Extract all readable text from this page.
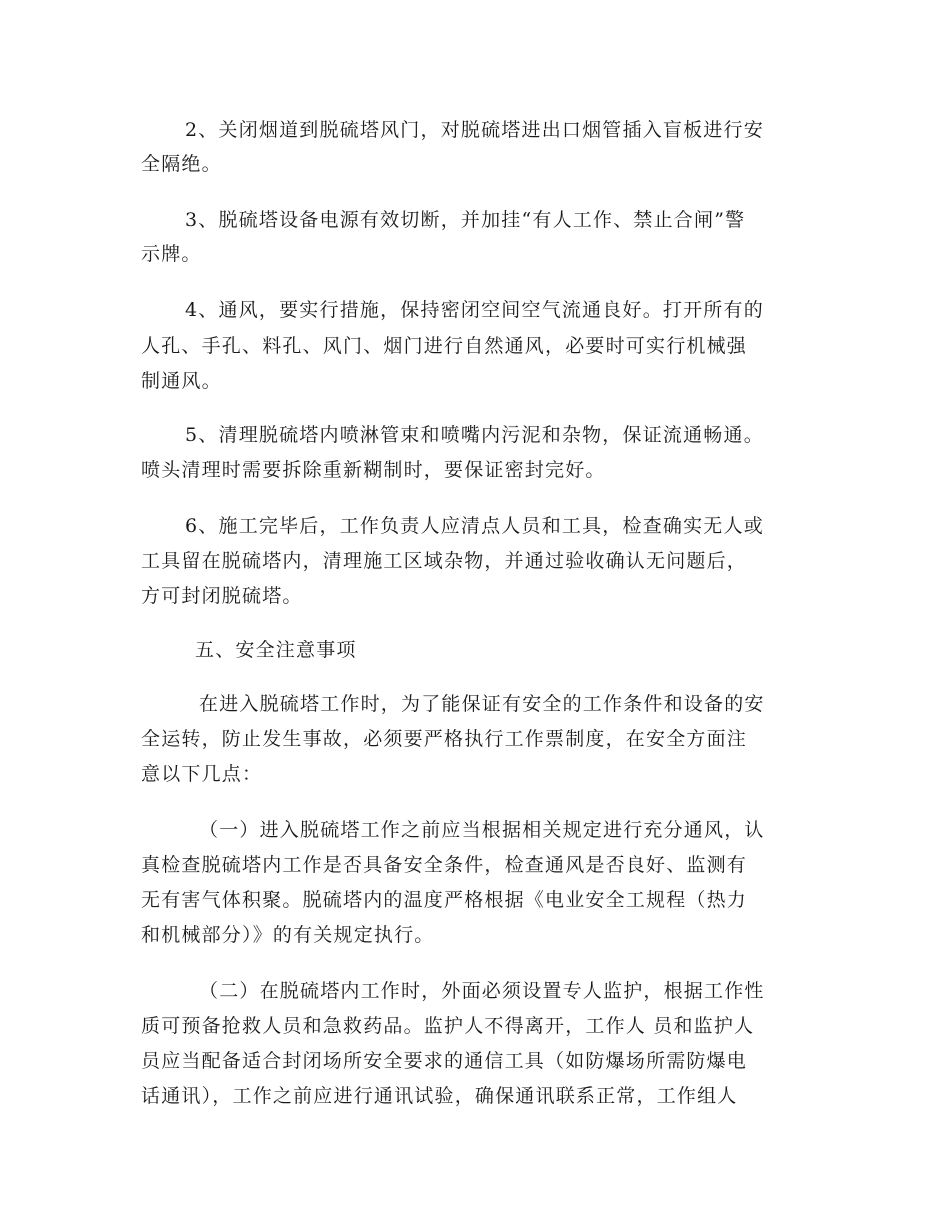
2、关闭烟道到脱硫塔风门，对脱硫塔进出口烟管插入盲板进行安
全隔绝。
3、脱硫塔设备电源有效切断，并加挂“有人工作、禁止合闸”警
示牌。
4、通风，要实行措施，保持密闭空间空气流通良好。打开所有的
人孔、手孔、料孔、风门、烟门进行自然通风，必要时可实行机械强
制通风。
5、清理脱硫塔内喷淋管束和喷嘴内污泥和杂物，保证流通畅通。
喷头清理时需要拆除重新糊制时，要保证密封完好。
6、施工完毕后，工作负责人应清点人员和工具，检查确实无人或
工具留在脱硫塔内，清理施工区域杂物，并通过验收确认无问题后，
方可封闭脱硫塔。
五、安全注意事项
在进入脱硫塔工作时，为了能保证有安全的工作条件和设备的安
全运转，防止发生事故，必须要严格执行工作票制度，在安全方面注
意以下几点：
（一）进入脱硫塔工作之前应当根据相关规定进行充分通风，认
真检查脱硫塔内工作是否具备安全条件，检查通风是否良好、监测有
无有害气体积聚。脱硫塔内的温度严格根据《电业安全工规程（热力
和机械部分）》的有关规定执行。
（二）在脱硫塔内工作时，外面必须设置专人监护，根据工作性
质可预备抢救人员和急救药品。监护人不得离开，工作人 员和监护人
员应当配备适合封闭场所安全要求的通信工具（如防爆场所需防爆电
话通讯），工作之前应进行通讯试验，确保通讯联系正常，工作组人
